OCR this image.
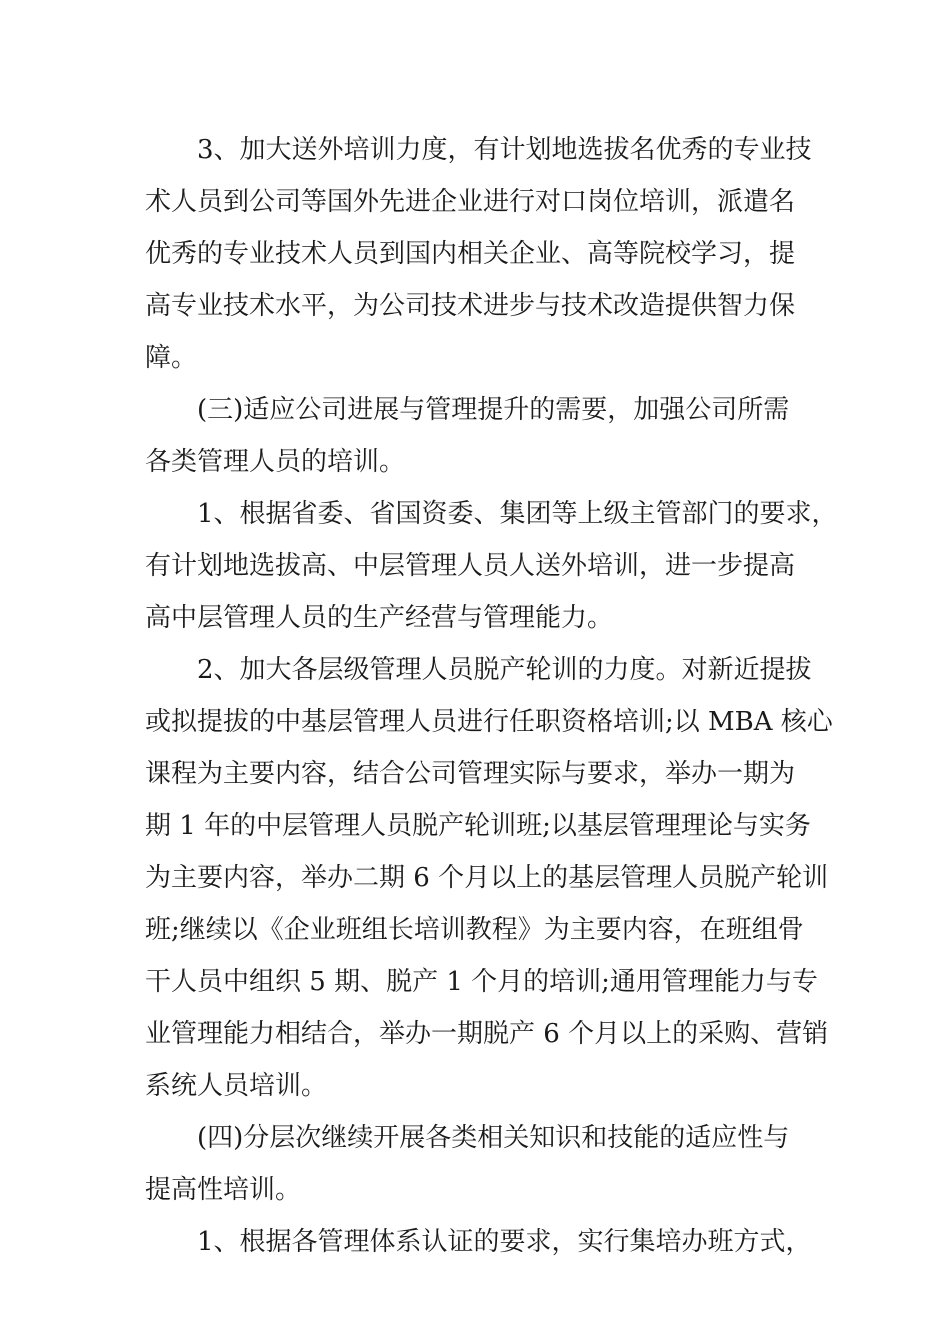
3、加大送外培训力度，有计划地选拔名优秀的专业技
术人员到公司等国外先进企业进行对口岗位培训，派遣名
优秀的专业技术人员到国内相关企业、高等院校学习，提
高专业技术水平，为公司技术进步与技术改造提供智力保
障。
(三)适应公司进展与管理提升的需要，加强公司所需
各类管理人员的培训。
1、根据省委、省国资委、集团等上级主管部门的要求，
有计划地选拔高、中层管理人员人送外培训，进一步提高
高中层管理人员的生产经营与管理能力。
2、加大各层级管理人员脱产轮训的力度。对新近提拔
或拟提拔的中基层管理人员进行任职资格培训;以 MBA 核心
课程为主要内容，结合公司管理实际与要求，举办一期为
期 1 年的中层管理人员脱产轮训班;以基层管理理论与实务
为主要内容，举办二期 6 个月以上的基层管理人员脱产轮训
班;继续以《企业班组长培训教程》为主要内容，在班组骨
干人员中组织 5 期、脱产 1 个月的培训;通用管理能力与专
业管理能力相结合，举办一期脱产 6 个月以上的采购、营销
系统人员培训。
(四)分层次继续开展各类相关知识和技能的适应性与
提高性培训。
1、根据各管理体系认证的要求，实行集培办班方式，
